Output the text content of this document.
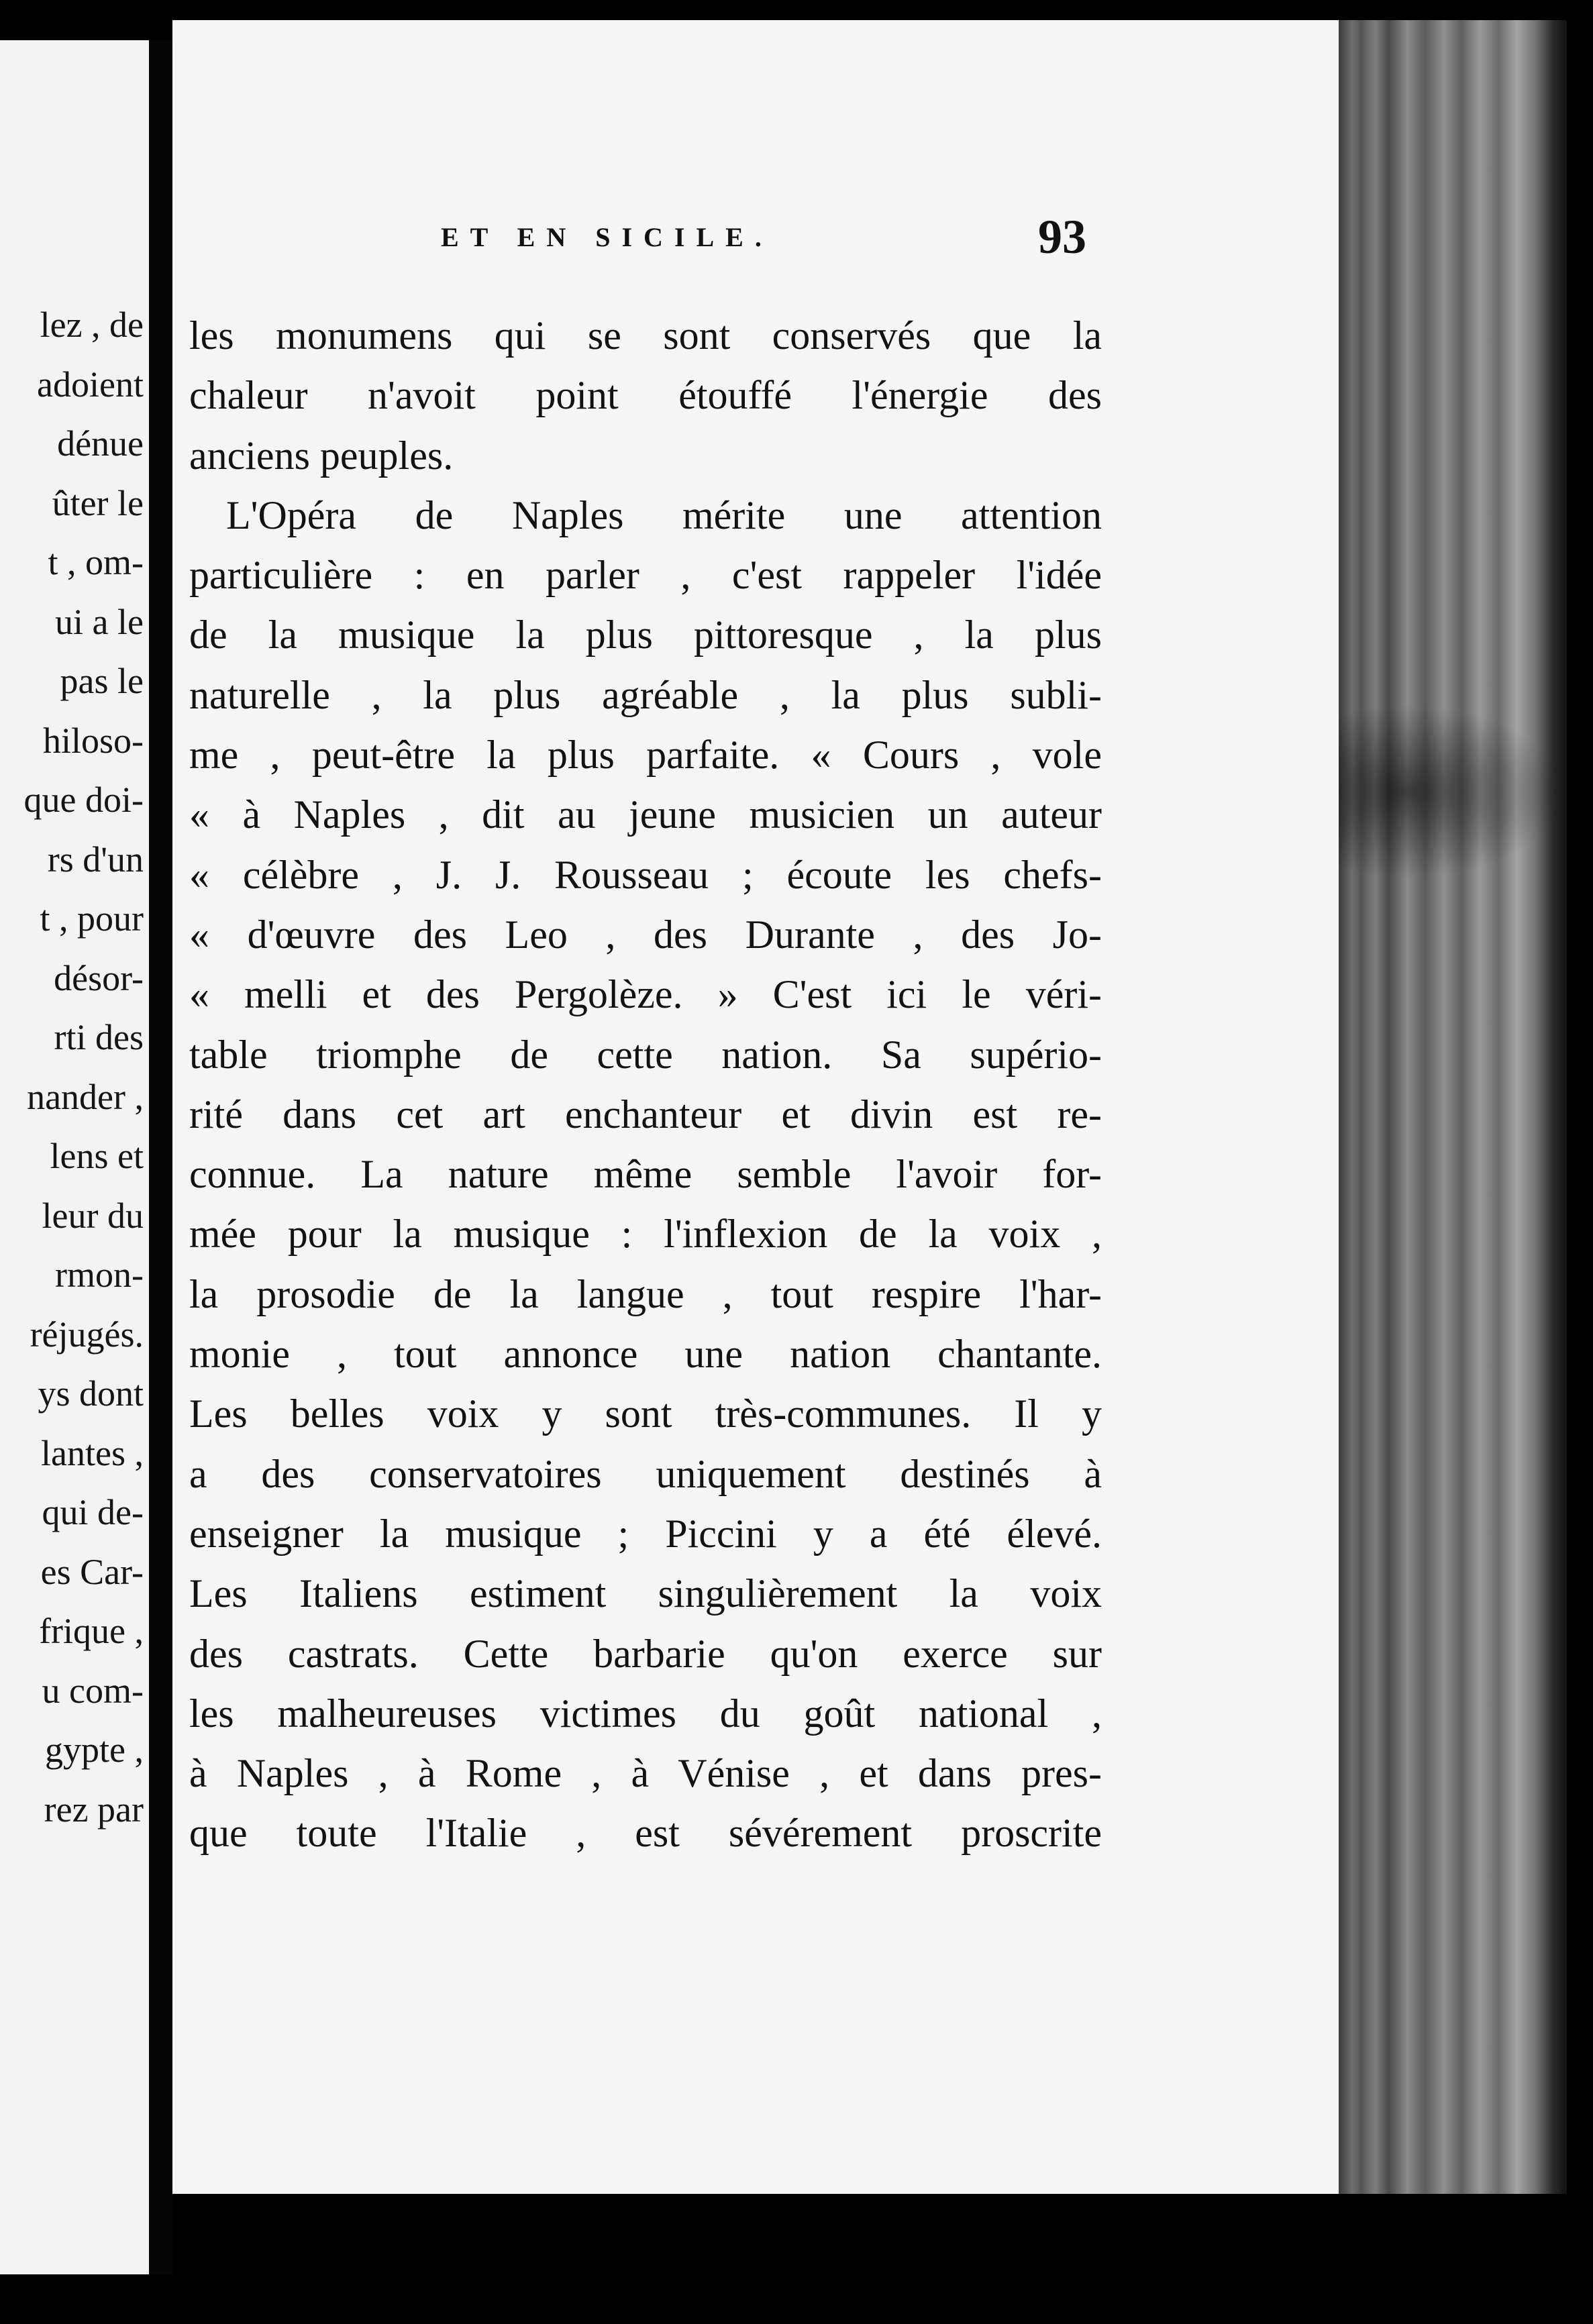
lez , de
adoient
dénue
ûter le
t , om-
ui a le
pas le
hiloso-
que doi-
rs d'un
t , pour
désor-
rti des
nander ,
lens et
leur du
rmon-
réjugés.
ys dont
lantes ,
qui de-
es Car-
frique ,
u com-
gypte ,
rez par
ET EN SICILE.	93
les monumens qui se sont conservés que la
chaleur n'avoit point étouffé l'énergie des
anciens peuples.
L'Opéra de Naples mérite une attention
particulière : en parler , c'est rappeler l'idée
de la musique la plus pittoresque , la plus
naturelle , la plus agréable , la plus subli-
me , peut-être la plus parfaite. « Cours , vole
« à Naples , dit au jeune musicien un auteur
« célèbre , J. J. Rousseau ; écoute les chefs-
« d'œuvre des Leo , des Durante , des Jo-
« melli et des Pergolèze. » C'est ici le véri-
table triomphe de cette nation. Sa supério-
rité dans cet art enchanteur et divin est re-
connue. La nature même semble l'avoir for-
mée pour la musique : l'inflexion de la voix ,
la prosodie de la langue , tout respire l'har-
monie , tout annonce une nation chantante.
Les belles voix y sont très-communes. Il y
a des conservatoires uniquement destinés à
enseigner la musique ; Piccini y a été élevé.
Les Italiens estiment singulièrement la voix
des castrats. Cette barbarie qu'on exerce sur
les malheureuses victimes du goût national ,
à Naples , à Rome , à Vénise , et dans pres-
que toute l'Italie , est sévérement proscrite
